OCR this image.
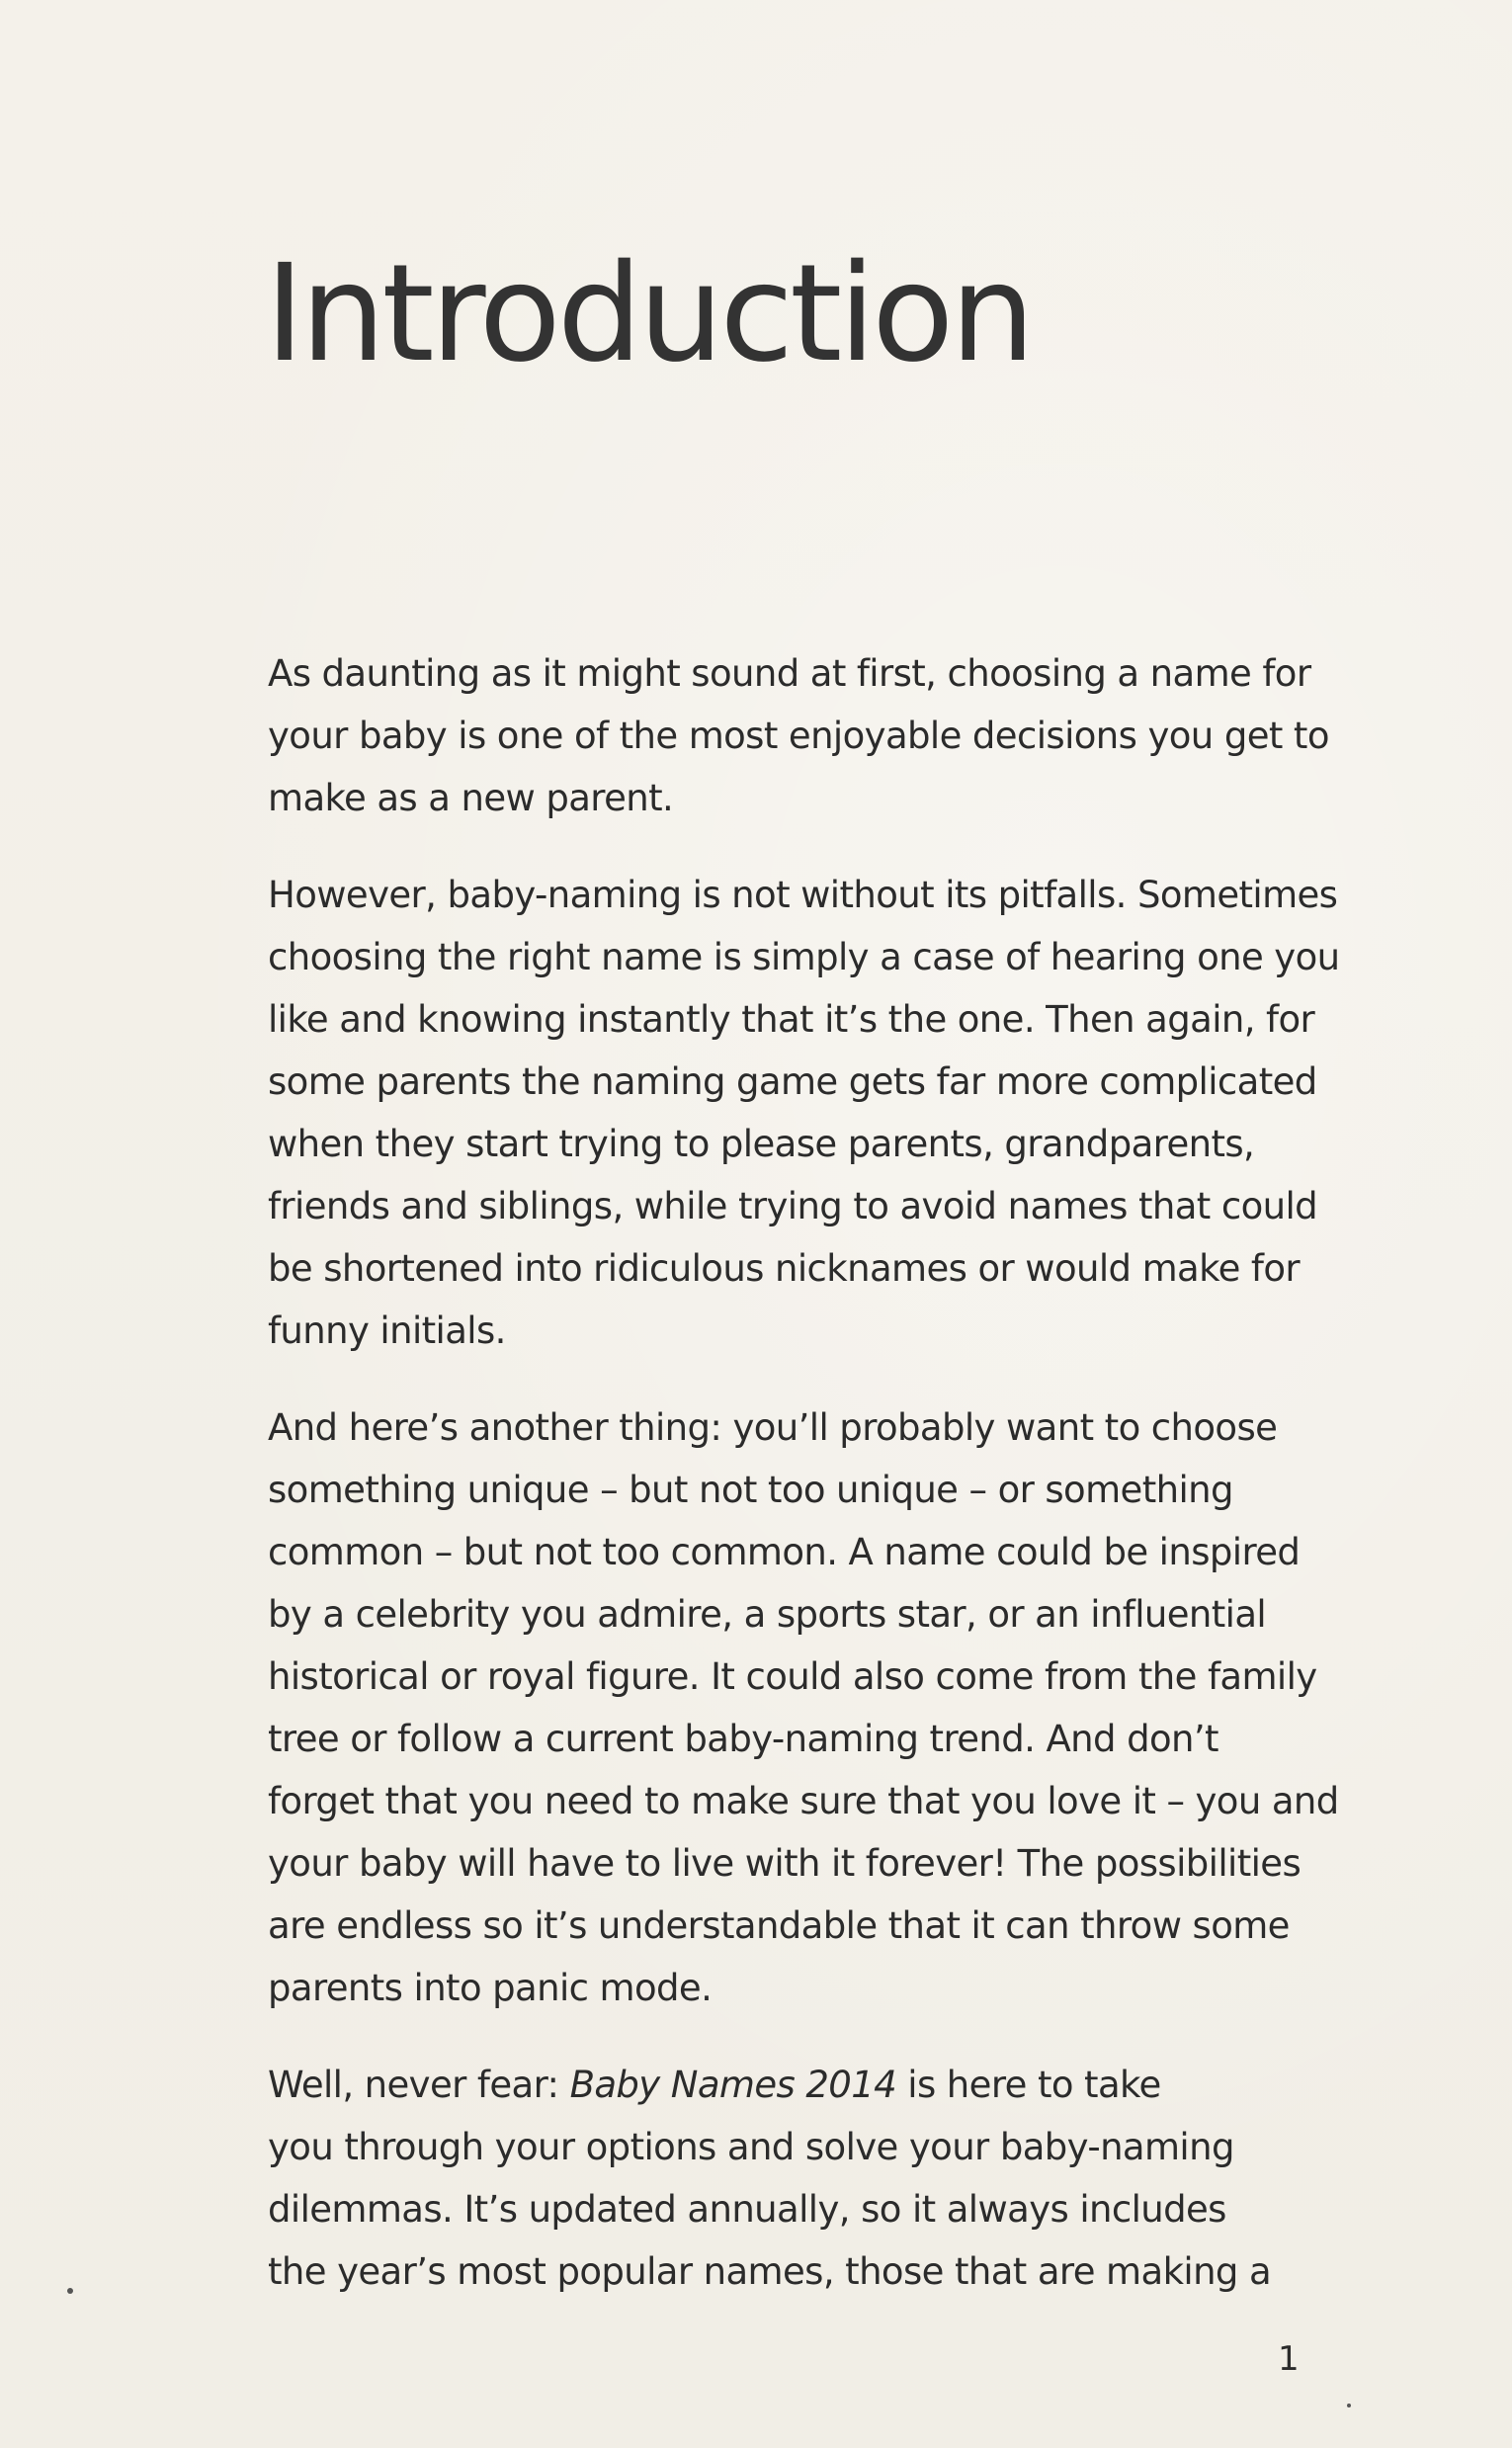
Introduction

As daunting as it might sound at first, choosing a name for
your baby is one of the most enjoyable decisions you get to
make as a new parent.

However, baby-naming is not without its pitfalls. Sometimes
choosing the right name is simply a case of hearing one you
like and knowing instantly that it’s the one. Then again, for
some parents the naming game gets far more complicated
when they start trying to please parents, grandparents,
friends and siblings, while trying to avoid names that could
be shortened into ridiculous nicknames or would make for
funny initials.

And here’s another thing: you’ll probably want to choose
something unique – but not too unique – or something
common – but not too common. A name could be inspired
by a celebrity you admire, a sports star, or an influential
historical or royal figure. It could also come from the family
tree or follow a current baby-naming trend. And don’t
forget that you need to make sure that you love it – you and
your baby will have to live with it forever! The possibilities
are endless so it’s understandable that it can throw some
parents into panic mode.

Well, never fear: Baby Names 2014 is here to take
you through your options and solve your baby-naming
dilemmas. It’s updated annually, so it always includes
the year’s most popular names, those that are making a

1
